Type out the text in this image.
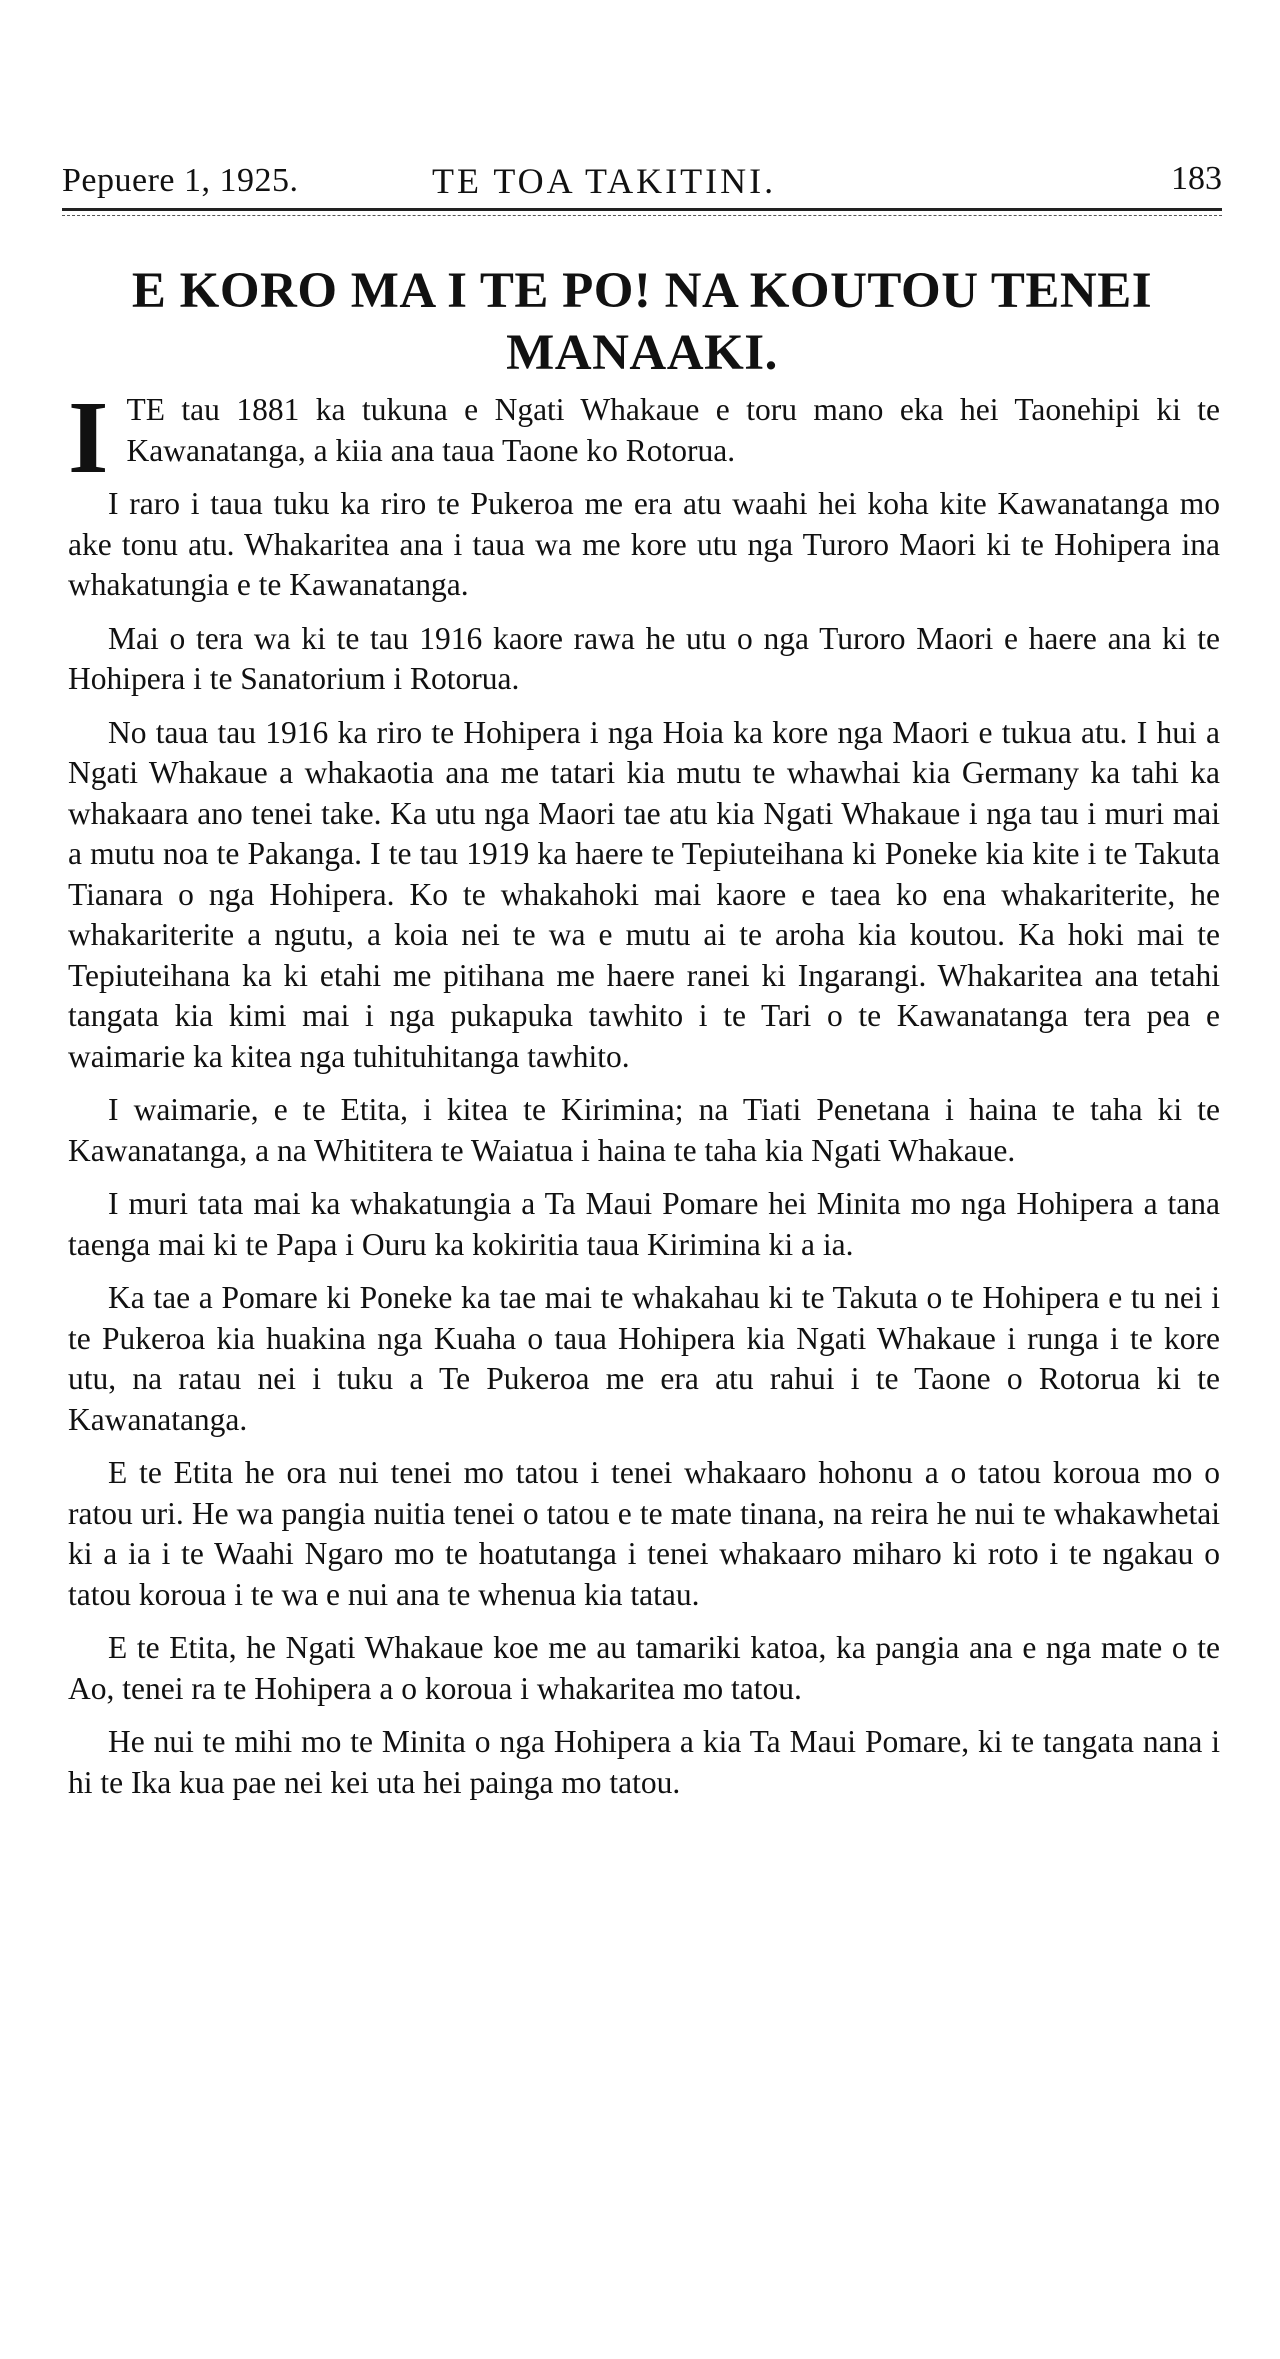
Pepuere 1, 1925.	TE TOA TAKITINI.	183
E KORO MA I TE PO! NA KOUTOU TENEI MANAAKI.

ITE tau 1881 ka tukuna e Ngati Whakaue e toru mano eka hei Taonehipi ki te Kawanatanga, a kiia ana taua Taone ko Rotorua.

I raro i taua tuku ka riro te Pukeroa me era atu waahi hei koha kite Kawanatanga mo ake tonu atu. Whakaritea ana i taua wa me kore utu nga Turoro Maori ki te Hohipera ina whakatungia e te Kawanatanga.

Mai o tera wa ki te tau 1916 kaore rawa he utu o nga Turoro Maori e haere ana ki te Hohipera i te Sanatorium i Rotorua.

No taua tau 1916 ka riro te Hohipera i nga Hoia ka kore nga Maori e tukua atu. I hui a Ngati Whakaue a whakaotia ana me tatari kia mutu te whawhai kia Germany ka tahi ka whakaara ano tenei take. Ka utu nga Maori tae atu kia Ngati Whakaue i nga tau i muri mai a mutu noa te Pakanga. I te tau 1919 ka haere te Tepiuteihana ki Poneke kia kite i te Takuta Tianara o nga Hohipera. Ko te whakahoki mai kaore e taea ko ena whakariterite, he whakariterite a ngutu, a koia nei te wa e mutu ai te aroha kia koutou. Ka hoki mai te Tepiuteihana ka ki etahi me pitihana me haere ranei ki Ingarangi. Whakaritea ana tetahi tangata kia kimi mai i nga pukapuka tawhito i te Tari o te Kawanatanga tera pea e waimarie ka kitea nga tuhituhitanga tawhito.

I waimarie, e te Etita, i kitea te Kirimina; na Tiati Penetana i haina te taha ki te Kawanatanga, a na Whititera te Waiatua i haina te taha kia Ngati Whakaue.

I muri tata mai ka whakatungia a Ta Maui Pomare hei Minita mo nga Hohipera a tana taenga mai ki te Papa i Ouru ka kokiritia taua Kirimina ki a ia.

Ka tae a Pomare ki Poneke ka tae mai te whakahau ki te Takuta o te Hohipera e tu nei i te Pukeroa kia huakina nga Kuaha o taua Hohipera kia Ngati Whakaue i runga i te kore utu, na ratau nei i tuku a Te Pukeroa me era atu rahui i te Taone o Rotorua ki te Kawanatanga.

E te Etita he ora nui tenei mo tatou i tenei whakaaro hohonu a o tatou koroua mo o ratou uri. He wa pangia nuitia tenei o tatou e te mate tinana, na reira he nui te whakawhetai ki a ia i te Waahi Ngaro mo te hoatutanga i tenei whakaaro miharo ki roto i te ngakau o tatou koroua i te wa e nui ana te whenua kia tatau.

E te Etita, he Ngati Whakaue koe me au tamariki katoa, ka pangia ana e nga mate o te Ao, tenei ra te Hohipera a o koroua i whakaritea mo tatou.

He nui te mihi mo te Minita o nga Hohipera a kia Ta Maui Pomare, ki te tangata nana i hi te Ika kua pae nei kei uta hei painga mo tatou.
